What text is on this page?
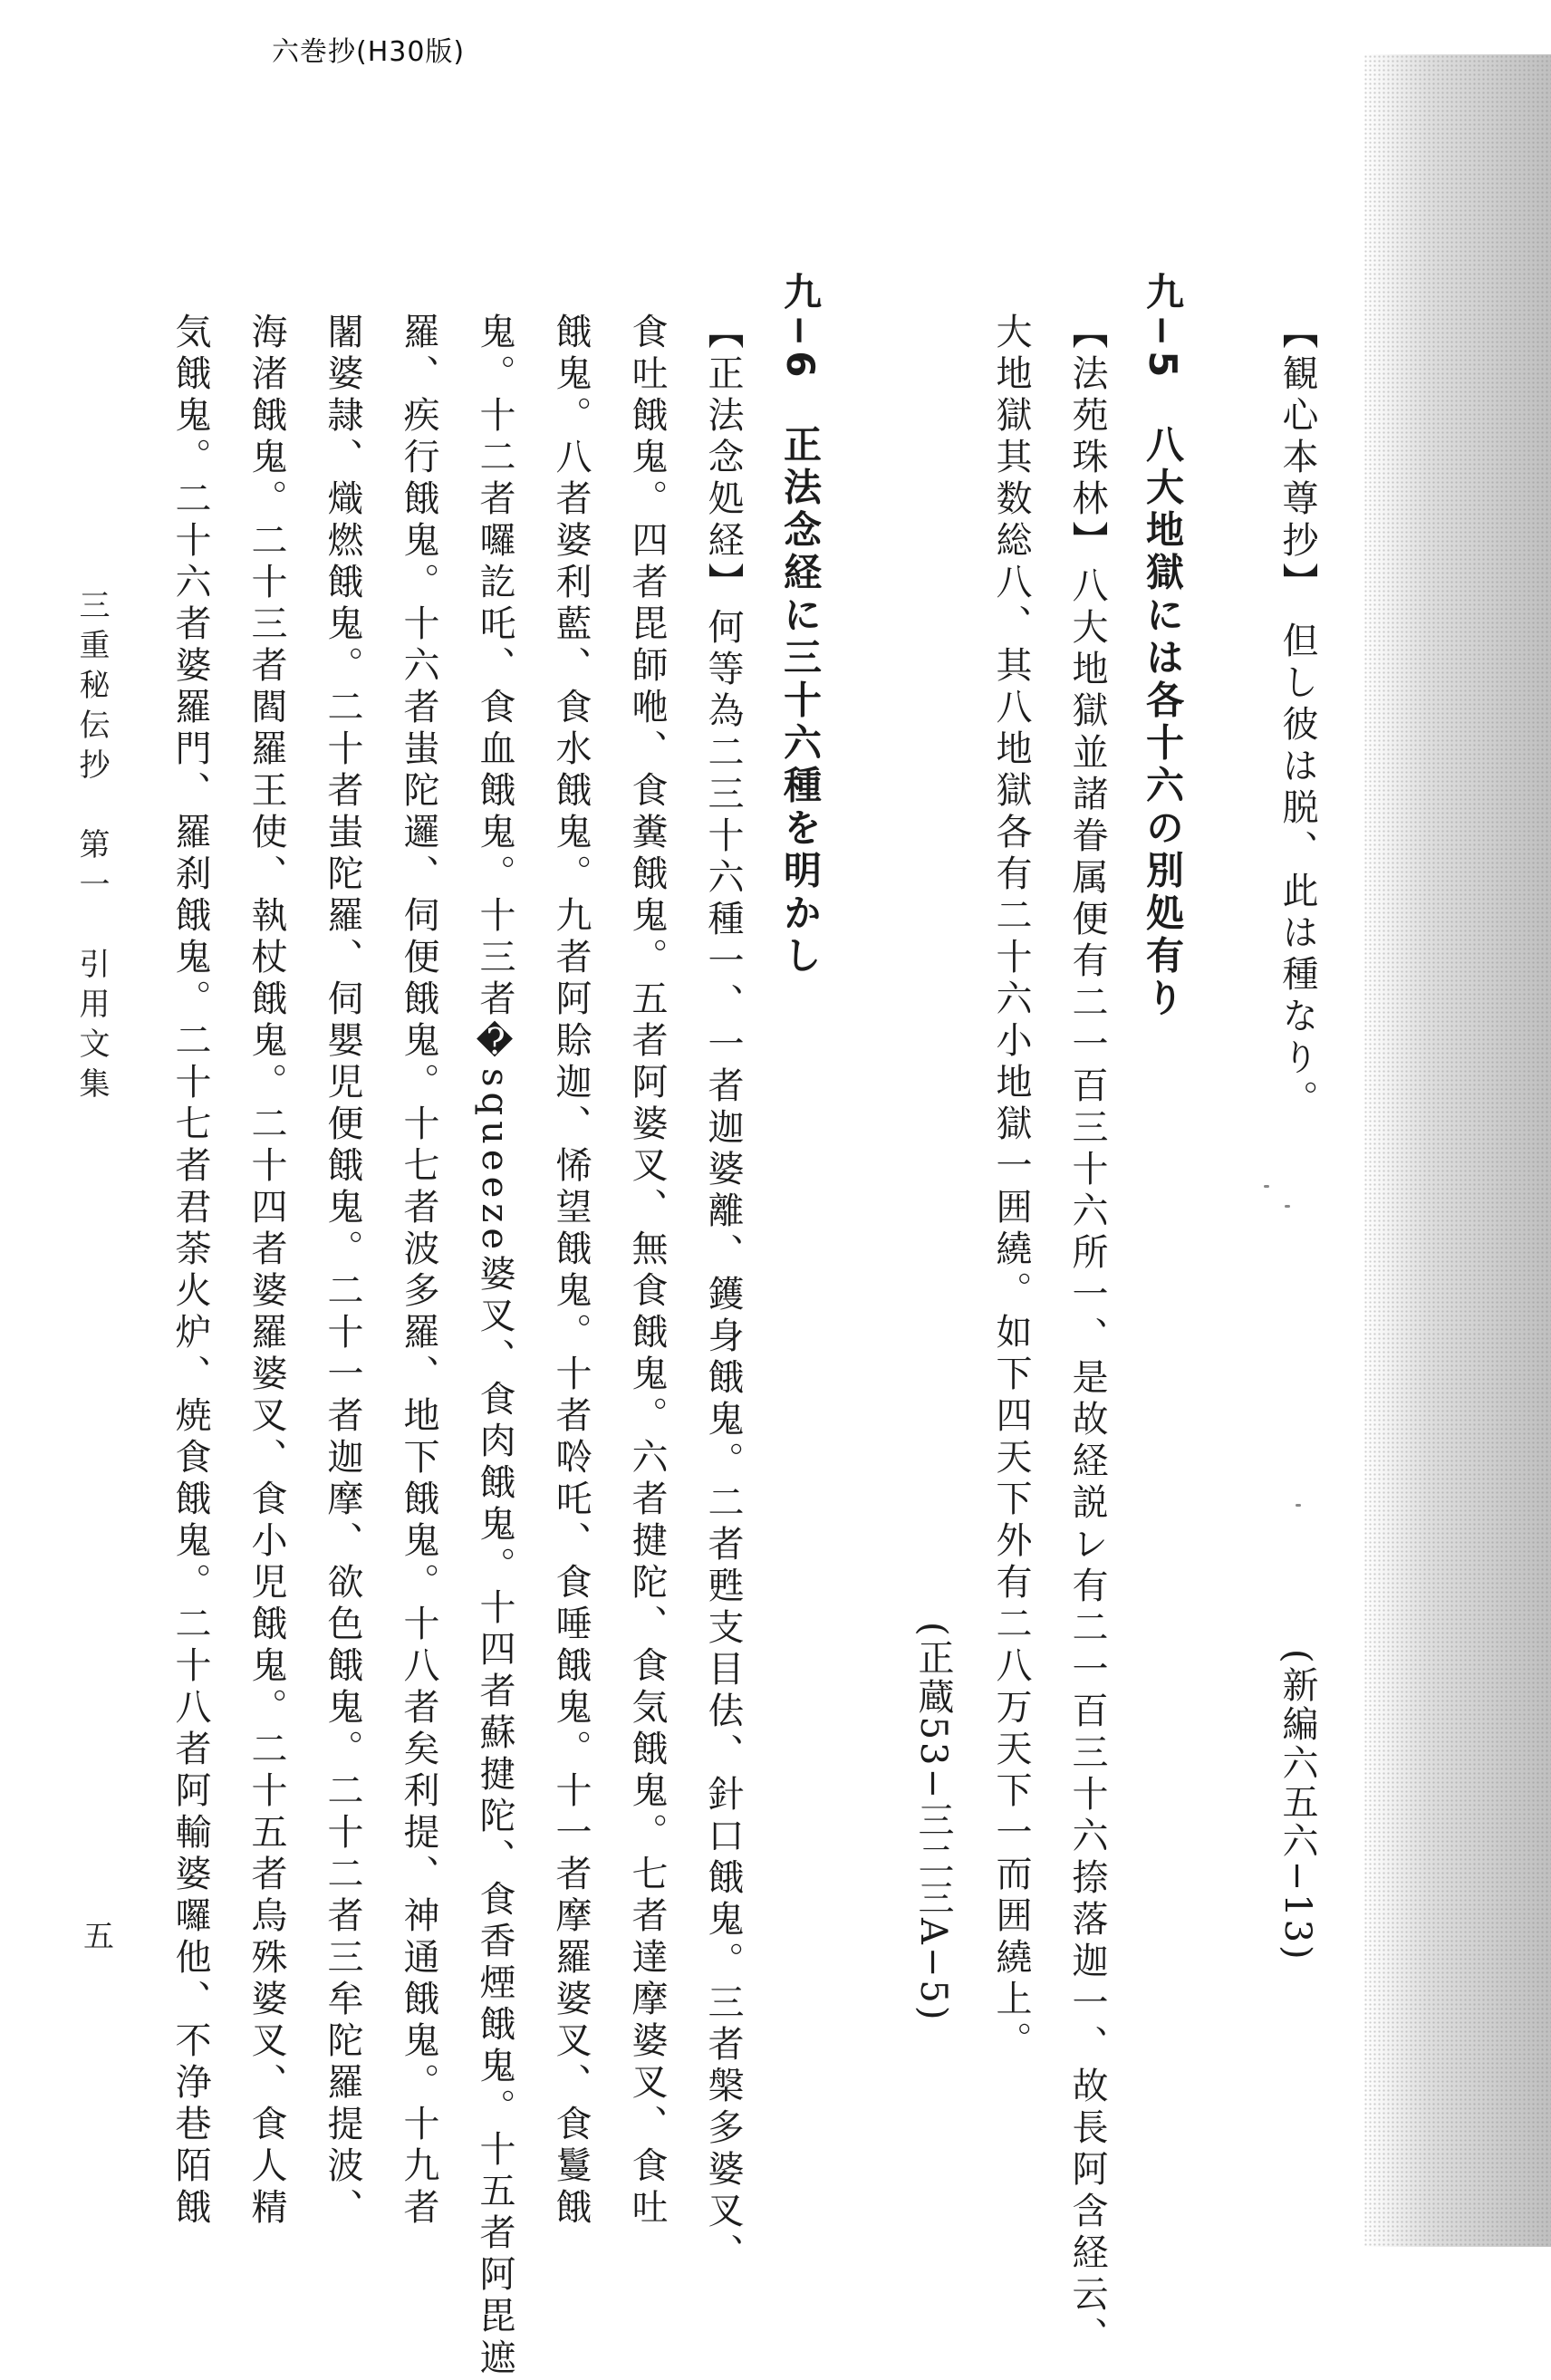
六巻抄(H30版)
【観心本尊抄】 但し彼は脱、此は種なり。
(新編六五六−13)
九−5　八大地獄には各十六の別処有り
【法苑珠林】八大地獄並諸眷属便有二一百三十六所一、是故経説レ有二一百三十六捺落迦一、故長阿含経云、
大地獄其数総八、其八地獄各有二十六小地獄一囲繞。如下四天下外有二八万天下一而囲繞上。
(正蔵53−三二三A−5)
九−6　正法念経に三十六種を明かし
【正法念処経】何等為二三十六種一、一者迦婆離、鑊身餓鬼。二者甦支目佉、針口餓鬼。三者槃多婆叉、
食吐餓鬼。四者毘師咃、食糞餓鬼。五者阿婆叉、無食餓鬼。六者揵陀、食気餓鬼。七者達摩婆叉、食吐
餓鬼。八者婆利藍、食水餓鬼。九者阿賒迦、悕望餓鬼。十者唥吒、食唾餓鬼。十一者摩羅婆叉、食鬘餓
鬼。十二者囉訖吒、食血餓鬼。十三者�squeeze婆叉、食肉餓鬼。十四者蘇揵陀、食香煙餓鬼。十五者阿毘遮
羅、疾行餓鬼。十六者蚩陀邏、伺便餓鬼。十七者波多羅、地下餓鬼。十八者矣利提、神通餓鬼。十九者
闍婆隷、熾燃餓鬼。二十者蚩陀羅、伺嬰児便餓鬼。二十一者迦摩、欲色餓鬼。二十二者三牟陀羅提波、
海渚餓鬼。二十三者閻羅王使、執杖餓鬼。二十四者婆羅婆叉、食小児餓鬼。二十五者烏殊婆叉、食人精
気餓鬼。二十六者婆羅門、羅刹餓鬼。二十七者君荼火炉、焼食餓鬼。二十八者阿輸婆囉他、不浄巷陌餓
三重秘伝抄　第一　引用文集
五
